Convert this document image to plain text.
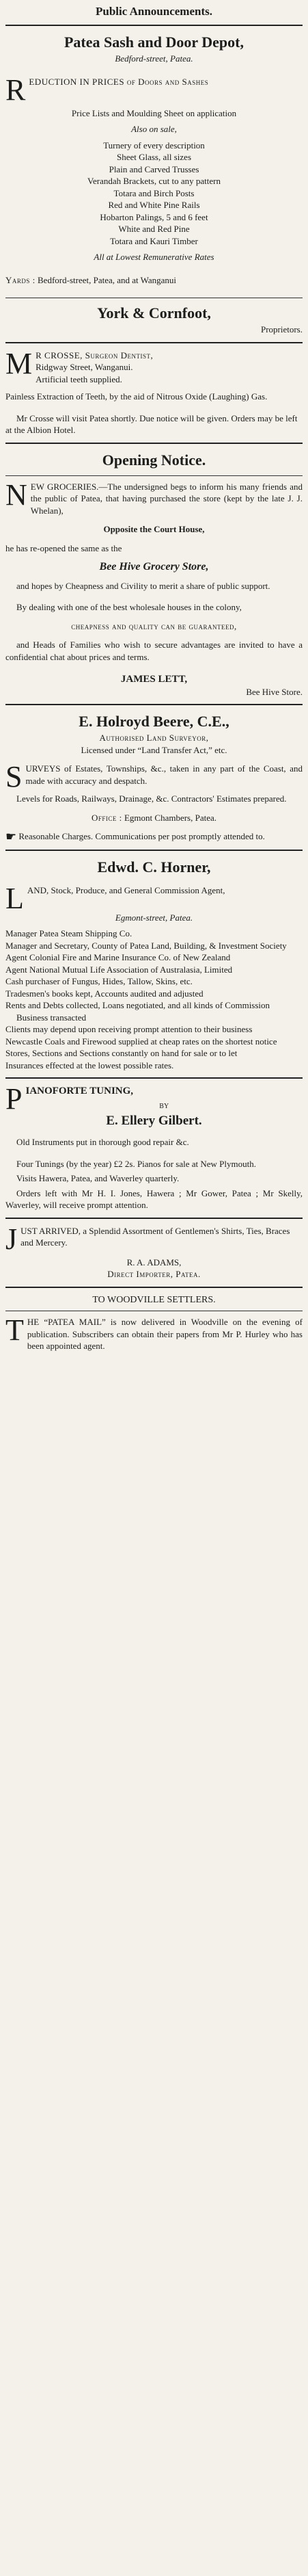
Public Announcements.
Patea Sash and Door Depot,
Bedford-street, Patea.
R EDUCTION IN PRICES of Doors and Sashes
Price Lists and Moulding Sheet on application
Also on sale,
Turnery of every description
Sheet Glass, all sizes
Plain and Carved Trusses
Verandah Brackets, cut to any pattern
Totara and Birch Posts
Red and White Pine Rails
Hobarton Palings, 5 and 6 feet
White and Red Pine
Totara and Kauri Timber
All at Lowest Remunerative Rates
Yards : Bedford-street, Patea, and at Wanganui
York & Cornfoot,
Proprietors.
M R CROSSE, Surgeon Dentist,
Ridgway Street, Wanganui.
Artificial teeth supplied.
Painless Extraction of Teeth, by the aid of Nitrous Oxide (Laughing) Gas.
Mr Crosse will visit Patea shortly. Due notice will be given. Orders may be left at the Albion Hotel.
Opening Notice.
N EW GROCERIES.—The undersigned begs to inform his many friends and the public of Patea, that having purchased the store (kept by the late J. J. Whelan),
Opposite the Court House,
he has re-opened the same as the
Bee Hive Grocery Store,
and hopes by Cheapness and Civility to merit a share of public support.
By dealing with one of the best wholesale houses in the colony,
cheapness and quality can be guaranteed,
and Heads of Families who wish to secure advantages are invited to have a confidential chat about prices and terms.
JAMES LETT,
Bee Hive Store.
E. Holroyd Beere, C.E.,
Authorised Land Surveyor,
Licensed under “Land Transfer Act,” etc.
S URVEYS of Estates, Townships, &c., taken in any part of the Coast, and made with accuracy and despatch.
Levels for Roads, Railways, Drainage, &c. Contractors' Estimates prepared.
Office : Egmont Chambers, Patea.
☛ Reasonable Charges. Communications per post promptly attended to.
Edwd. C. Horner,
L AND, Stock, Produce, and General Commission Agent,
Egmont-street, Patea.
Manager Patea Steam Shipping Co.
Manager and Secretary, County of Patea Land, Building, & Investment Society
Agent Colonial Fire and Marine Insurance Co. of New Zealand
Agent National Mutual Life Association of Australasia, Limited
Cash purchaser of Fungus, Hides, Tallow, Skins, etc.
Tradesmen's books kept, Accounts audited and adjusted
Rents and Debts collected, Loans negotiated, and all kinds of Commission Business transacted
Clients may depend upon receiving prompt attention to their business
Newcastle Coals and Firewood supplied at cheap rates on the shortest notice
Stores, Sections and Sections constantly on hand for sale or to let
Insurances effected at the lowest possible rates.
P IANOFORTE TUNING,
BY
E. Ellery Gilbert.
Old Instruments put in thorough good repair &c.
Four Tunings (by the year) £2 2s. Pianos for sale at New Plymouth.
Visits Hawera, Patea, and Waverley quarterly.
Orders left with Mr H. I. Jones, Hawera ; Mr Gower, Patea ; Mr Skelly, Waverley, will receive prompt attention.
J UST ARRIVED, a Splendid Assortment of Gentlemen's Shirts, Ties, Braces and Mercery.
R. A. ADAMS,
Direct Importer, Patea.
TO WOODVILLE SETTLERS.
T HE “PATEA MAIL” is now delivered in Woodville on the evening of publication. Subscribers can obtain their papers from Mr P. Hurley who has been appointed agent.
